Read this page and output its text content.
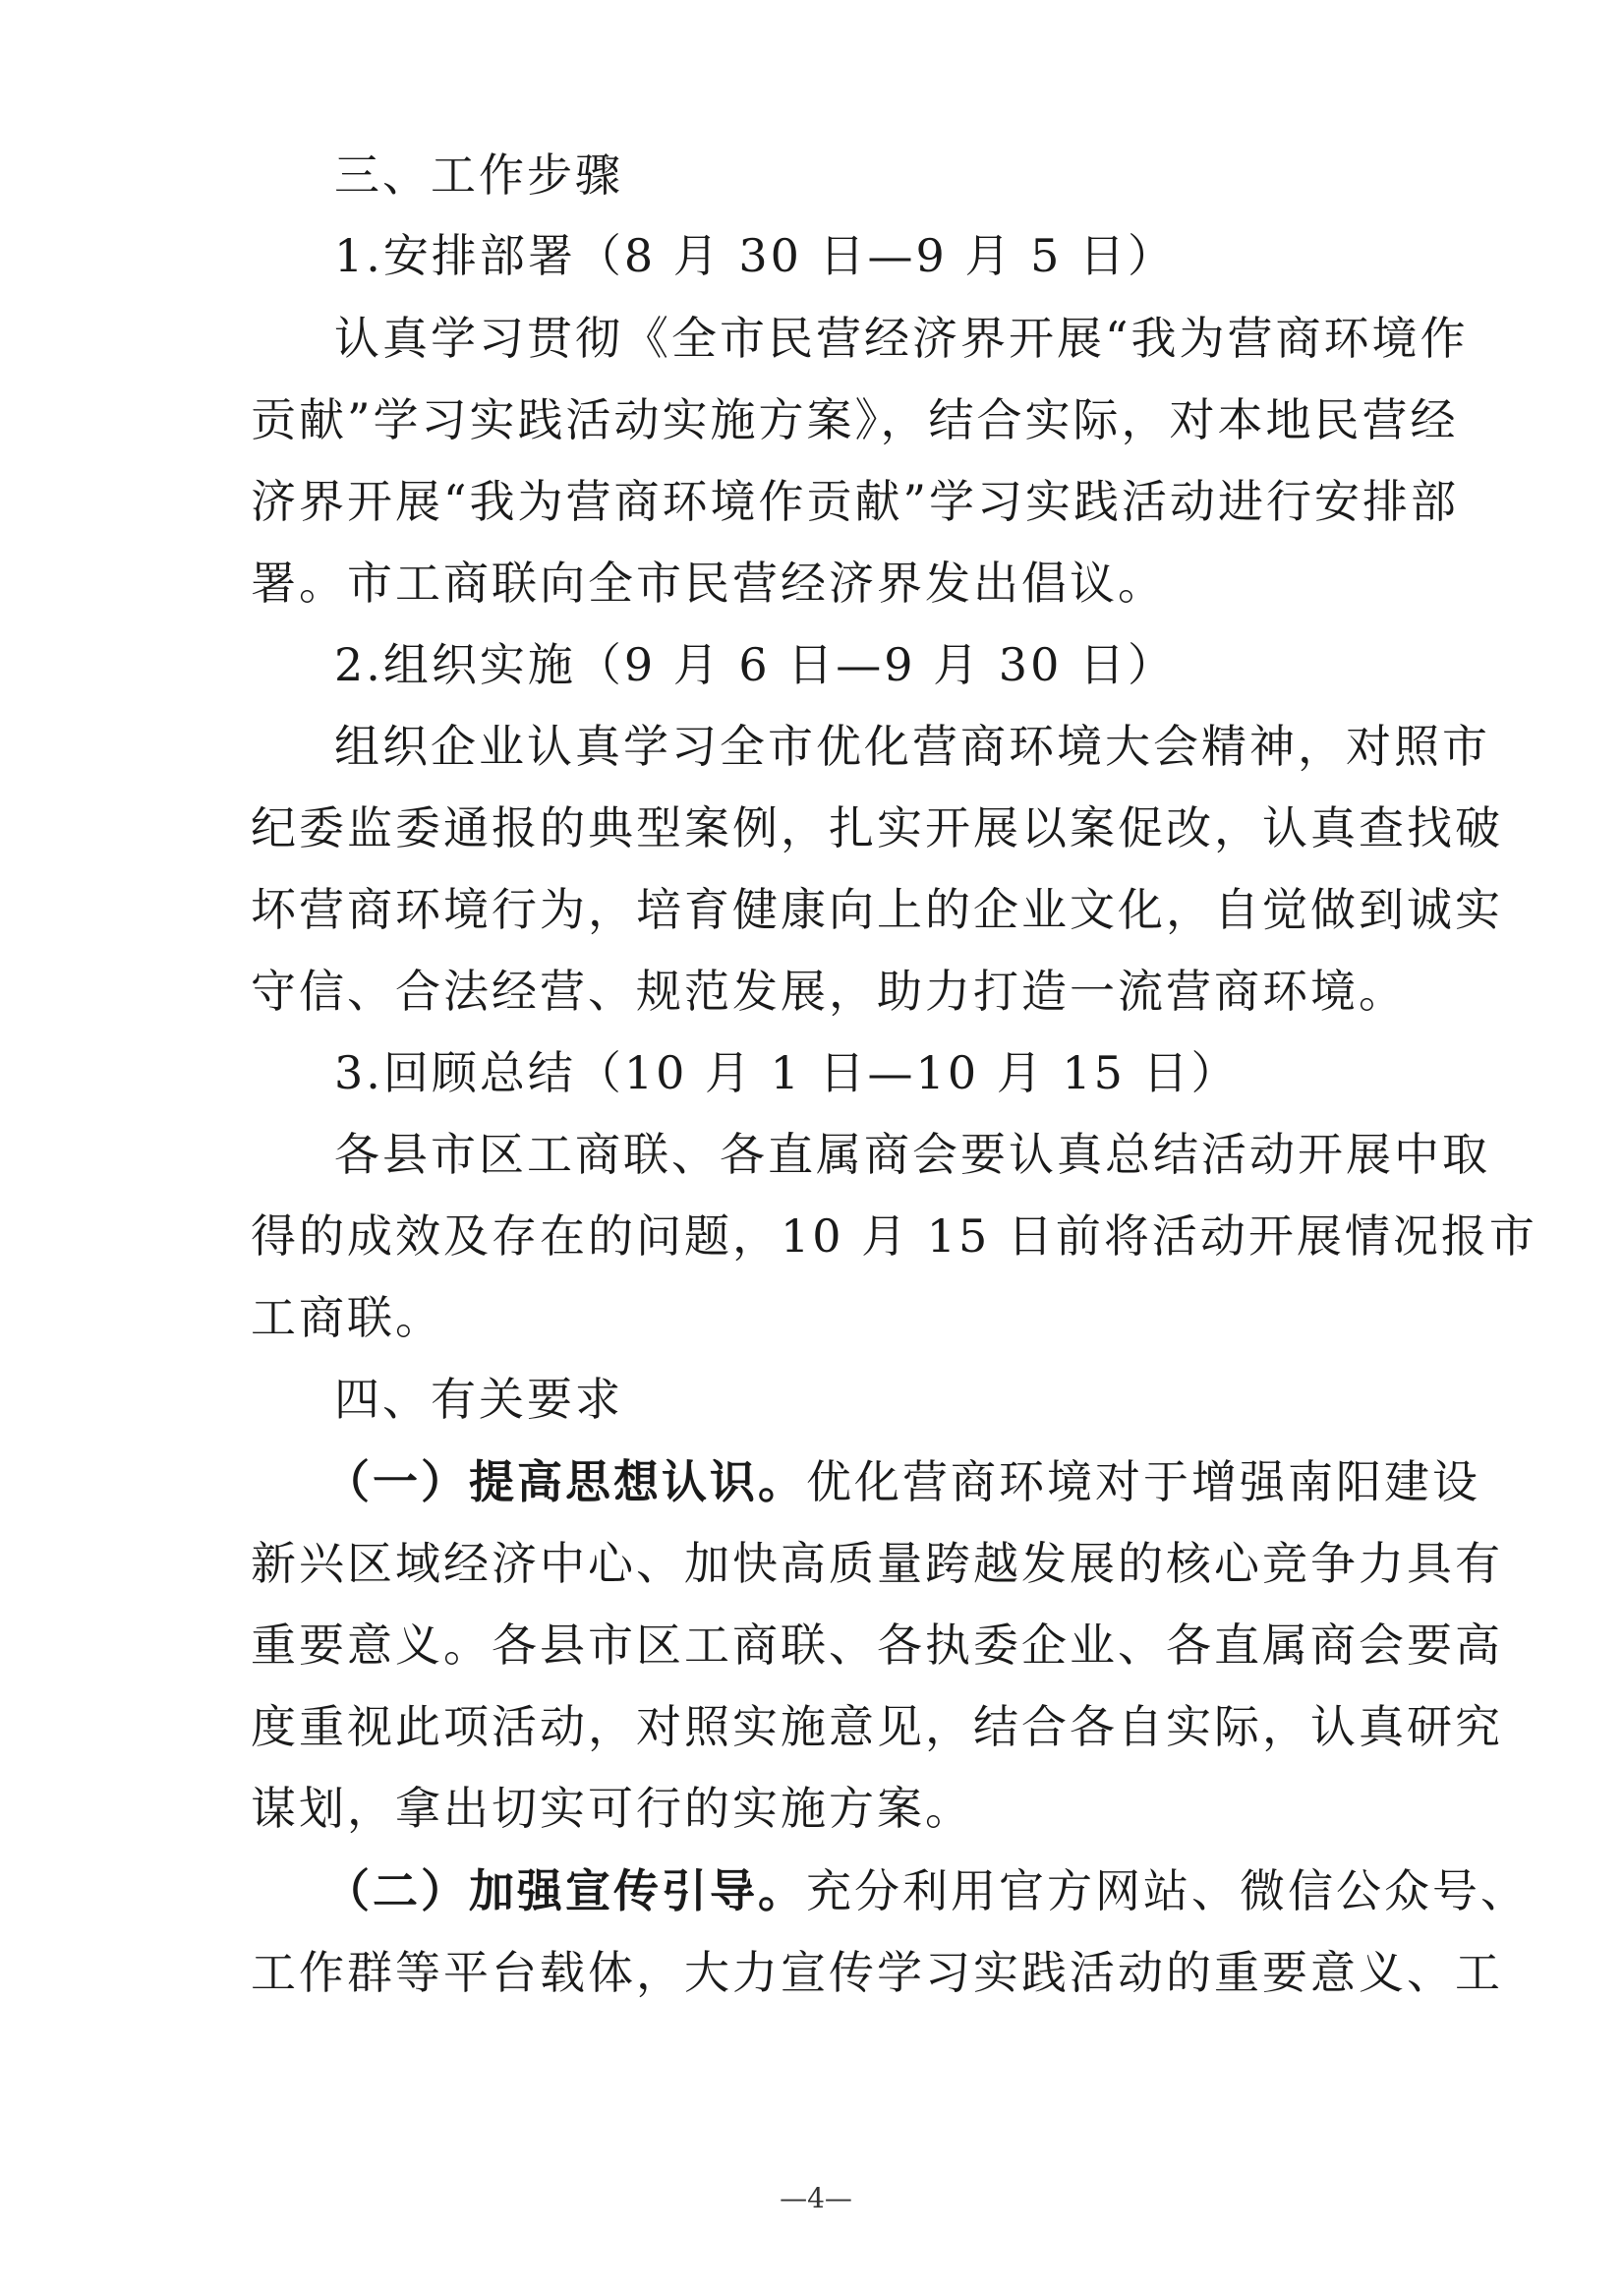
三、工作步骤
1.安排部署（8 月 30 日—9 月 5 日）
认真学习贯彻《全市民营经济界开展“我为营商环境作
贡献”学习实践活动实施方案》，结合实际，对本地民营经
济界开展“我为营商环境作贡献”学习实践活动进行安排部
署。市工商联向全市民营经济界发出倡议。
2.组织实施（9 月 6 日—9 月 30 日）
组织企业认真学习全市优化营商环境大会精神，对照市
纪委监委通报的典型案例，扎实开展以案促改，认真查找破
坏营商环境行为，培育健康向上的企业文化，自觉做到诚实
守信、合法经营、规范发展，助力打造一流营商环境。
3.回顾总结（10 月 1 日—10 月 15 日）
各县市区工商联、各直属商会要认真总结活动开展中取
得的成效及存在的问题，10 月 15 日前将活动开展情况报市
工商联。
四、有关要求
（一）提高思想认识。优化营商环境对于增强南阳建设
新兴区域经济中心、加快高质量跨越发展的核心竞争力具有
重要意义。各县市区工商联、各执委企业、各直属商会要高
度重视此项活动，对照实施意见，结合各自实际，认真研究
谋划，拿出切实可行的实施方案。
（二）加强宣传引导。充分利用官方网站、微信公众号、
工作群等平台载体，大力宣传学习实践活动的重要意义、工
—4—
